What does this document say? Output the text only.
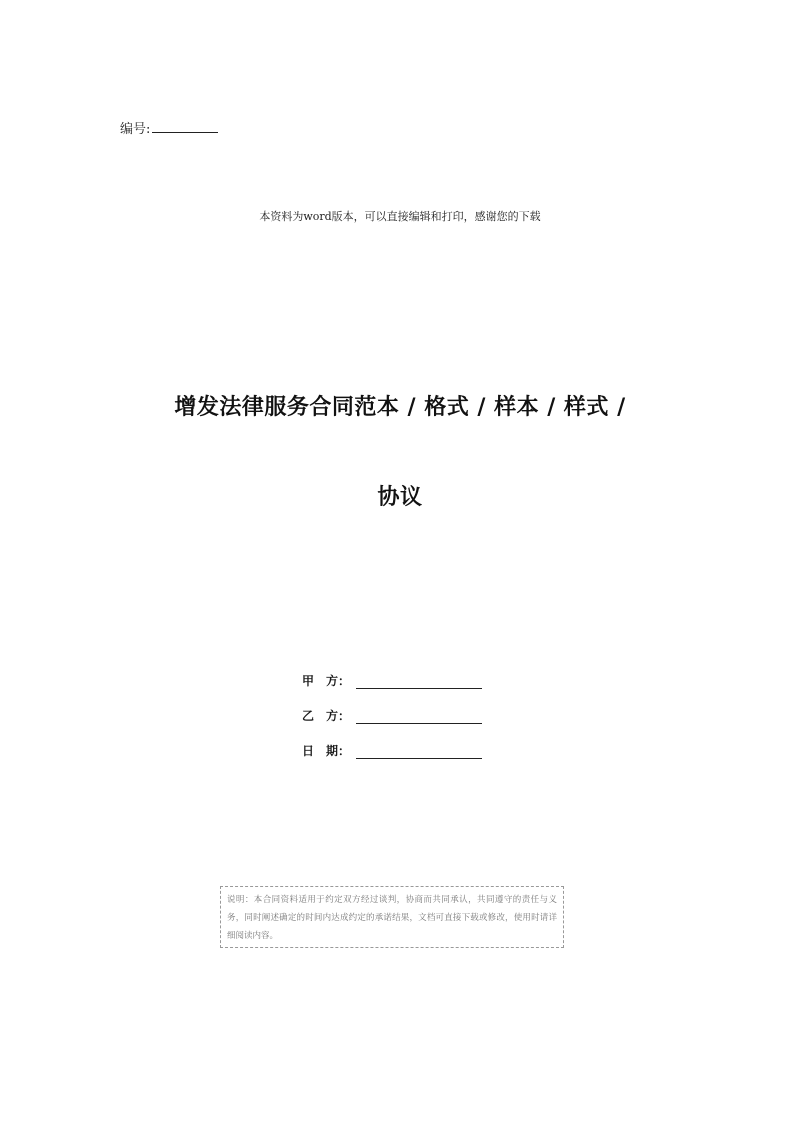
编号:
本资料为word版本，可以直接编辑和打印，感谢您的下载
增发法律服务合同范本 / 格式 / 样本 / 样式 /
协议
甲　方：
乙　方：
日　期：
说明：本合同资料适用于约定双方经过谈判，协商而共同承认，共同遵守的责任与义务，同时阐述确定的时间内达成约定的承诺结果，文档可直接下载或修改，使用时请详细阅读内容。
